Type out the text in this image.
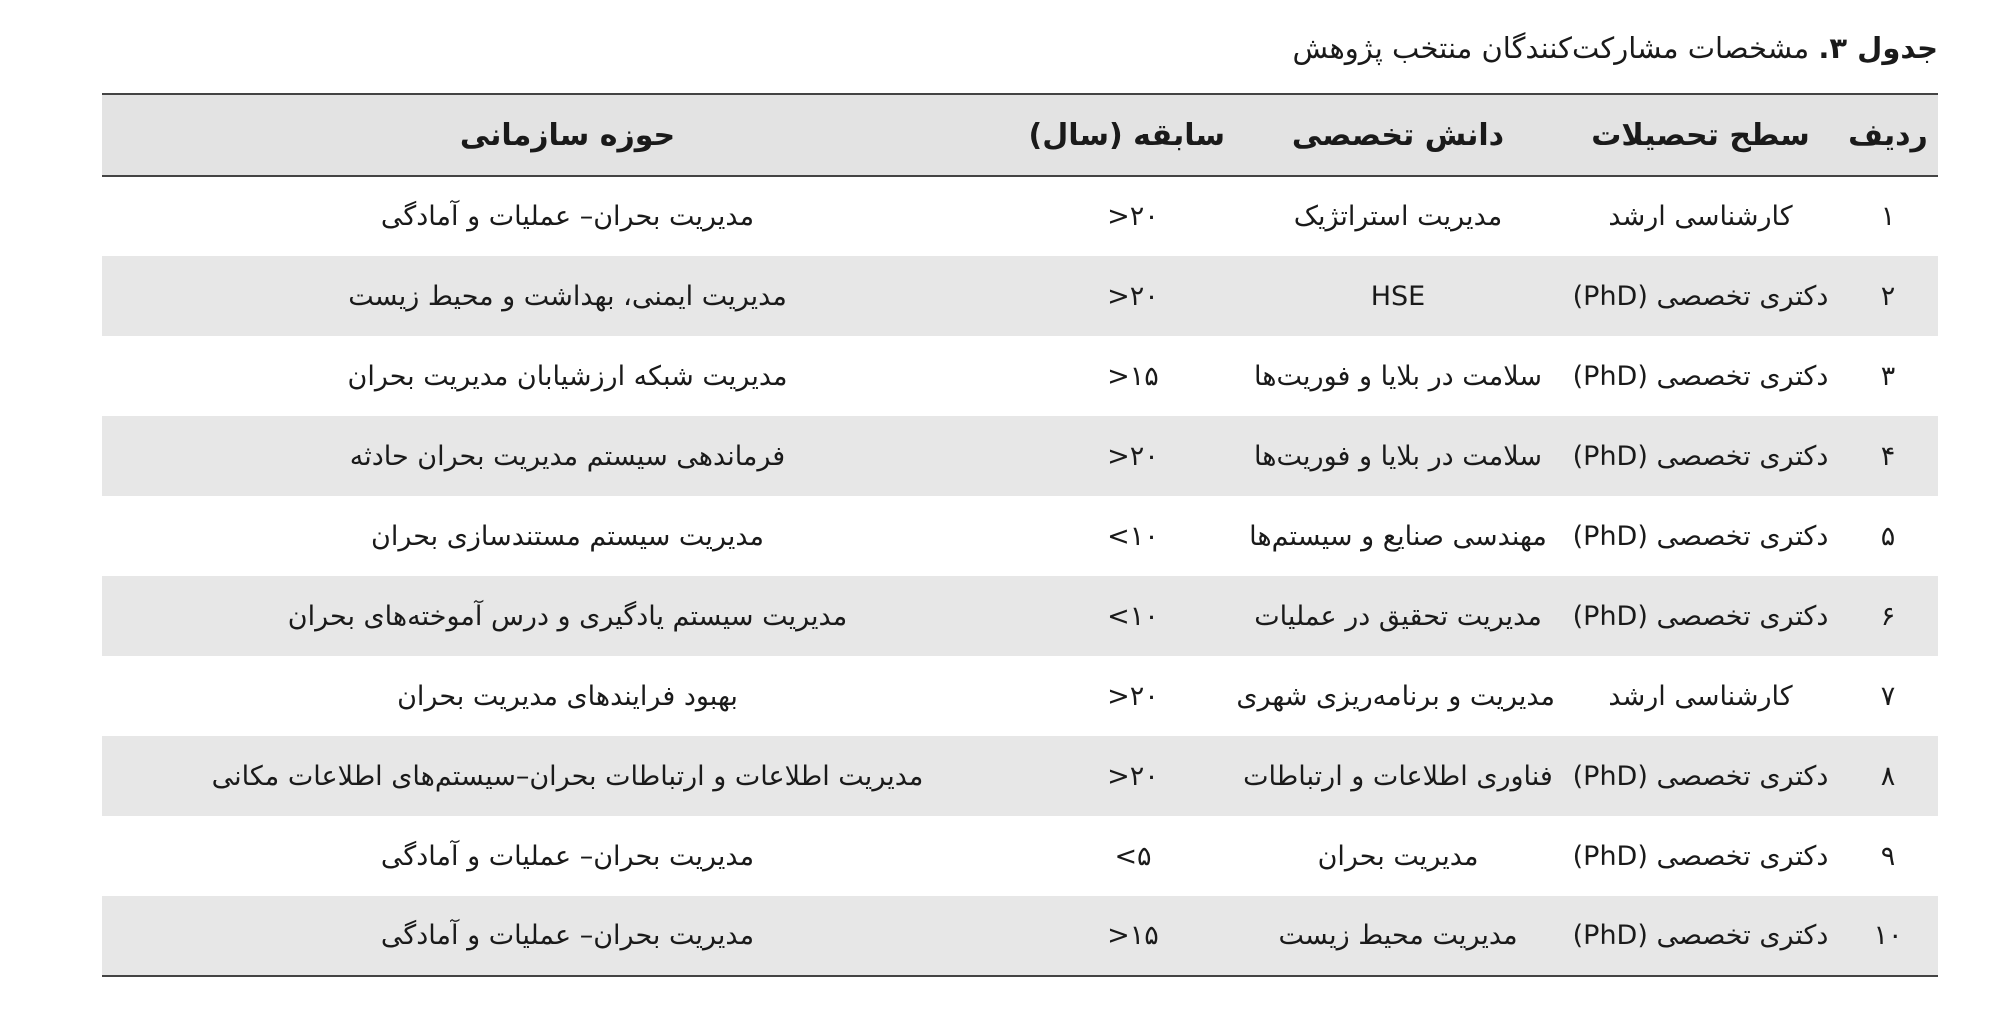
جدول ۳. مشخصات مشارکت‌کنندگان منتخب پژوهش
ردیف	سطح تحصیلات	دانش تخصصی	سابقه (سال)	حوزه سازمانی
۱	کارشناسی ارشد	مدیریت استراتژیک	>۲۰	مدیریت بحران– عملیات و آمادگی
۲	دکتری تخصصی (PhD)	HSE	>۲۰	مدیریت ایمنی، بهداشت و محیط زیست
۳	دکتری تخصصی (PhD)	سلامت در بلایا و فوریت‌ها	>۱۵	مدیریت شبکه ارزشیابان مدیریت بحران
۴	دکتری تخصصی (PhD)	سلامت در بلایا و فوریت‌ها	>۲۰	فرماندهی سیستم مدیریت بحران حادثه
۵	دکتری تخصصی (PhD)	مهندسی صنایع و سیستم‌ها	<۱۰	مدیریت سیستم مستندسازی بحران
۶	دکتری تخصصی (PhD)	مدیریت تحقیق در عملیات	<۱۰	مدیریت سیستم یادگیری و درس آموخته‌های بحران
۷	کارشناسی ارشد	مدیریت و برنامه‌ریزی شهری	>۲۰	بهبود فرایندهای مدیریت بحران
۸	دکتری تخصصی (PhD)	فناوری اطلاعات و ارتباطات	>۲۰	مدیریت اطلاعات و ارتباطات بحران–سیستم‌های اطلاعات مکانی
۹	دکتری تخصصی (PhD)	مدیریت بحران	<۵	مدیریت بحران– عملیات و آمادگی
۱۰	دکتری تخصصی (PhD)	مدیریت محیط زیست	>۱۵	مدیریت بحران– عملیات و آمادگی
